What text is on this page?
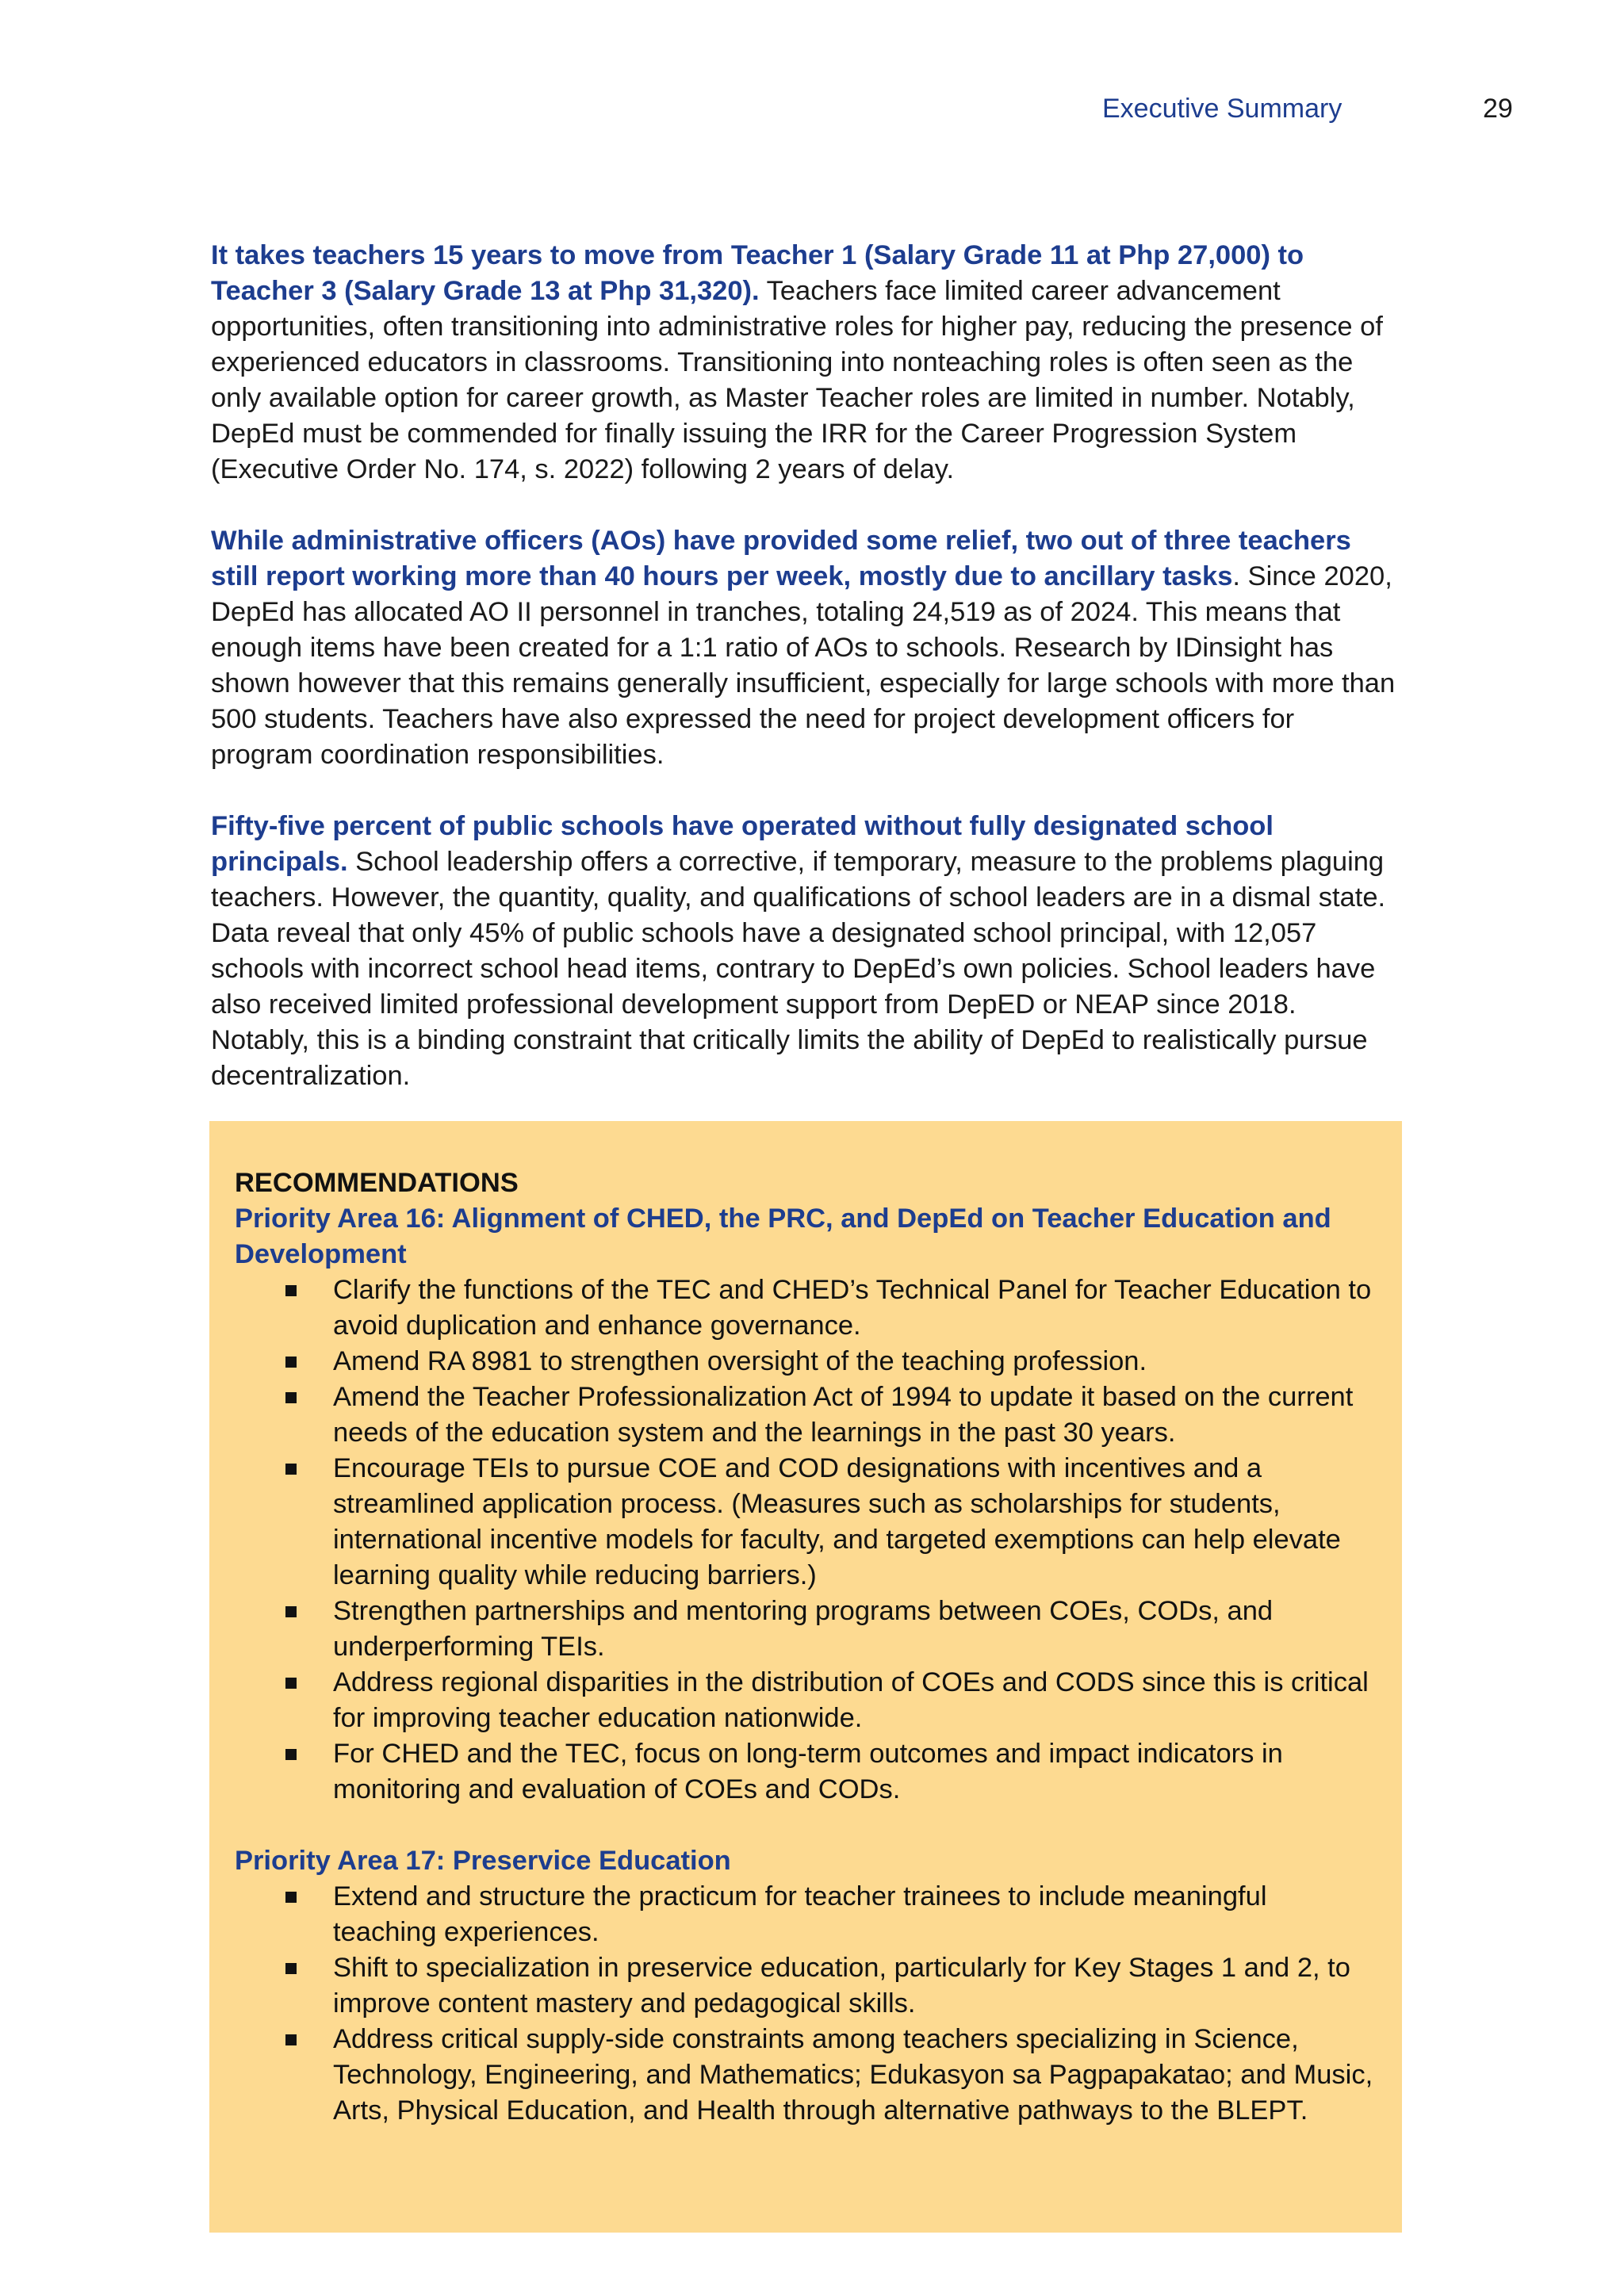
Executive Summary	29

It takes teachers 15 years to move from Teacher 1 (Salary Grade 11 at Php 27,000) to Teacher 3 (Salary Grade 13 at Php 31,320). Teachers face limited career advancement opportunities, often transitioning into administrative roles for higher pay, reducing the presence of experienced educators in classrooms. Transitioning into nonteaching roles is often seen as the only available option for career growth, as Master Teacher roles are limited in number. Notably, DepEd must be commended for finally issuing the IRR for the Career Progression System (Executive Order No. 174, s. 2022) following 2 years of delay.

While administrative officers (AOs) have provided some relief, two out of three teachers still report working more than 40 hours per week, mostly due to ancillary tasks. Since 2020, DepEd has allocated AO II personnel in tranches, totaling 24,519 as of 2024. This means that enough items have been created for a 1:1 ratio of AOs to schools. Research by IDinsight has shown however that this remains generally insufficient, especially for large schools with more than 500 students. Teachers have also expressed the need for project development officers for program coordination responsibilities.

Fifty-five percent of public schools have operated without fully designated school principals. School leadership offers a corrective, if temporary, measure to the problems plaguing teachers. However, the quantity, quality, and qualifications of school leaders are in a dismal state. Data reveal that only 45% of public schools have a designated school principal, with 12,057 schools with incorrect school head items, contrary to DepEd’s own policies. School leaders have also received limited professional development support from DepED or NEAP since 2018. Notably, this is a binding constraint that critically limits the ability of DepEd to realistically pursue decentralization.

RECOMMENDATIONS
Priority Area 16: Alignment of CHED, the PRC, and DepEd on Teacher Education and Development
Clarify the functions of the TEC and CHED’s Technical Panel for Teacher Education to avoid duplication and enhance governance.
Amend RA 8981 to strengthen oversight of the teaching profession.
Amend the Teacher Professionalization Act of 1994 to update it based on the current needs of the education system and the learnings in the past 30 years.
Encourage TEIs to pursue COE and COD designations with incentives and a streamlined application process. (Measures such as scholarships for students, international incentive models for faculty, and targeted exemptions can help elevate learning quality while reducing barriers.)
Strengthen partnerships and mentoring programs between COEs, CODs, and underperforming TEIs.
Address regional disparities in the distribution of COEs and CODS since this is critical for improving teacher education nationwide.
For CHED and the TEC, focus on long-term outcomes and impact indicators in monitoring and evaluation of COEs and CODs.
Priority Area 17: Preservice Education
Extend and structure the practicum for teacher trainees to include meaningful teaching experiences.
Shift to specialization in preservice education, particularly for Key Stages 1 and 2, to improve content mastery and pedagogical skills.
Address critical supply-side constraints among teachers specializing in Science, Technology, Engineering, and Mathematics; Edukasyon sa Pagpapakatao; and Music, Arts, Physical Education, and Health through alternative pathways to the BLEPT.
